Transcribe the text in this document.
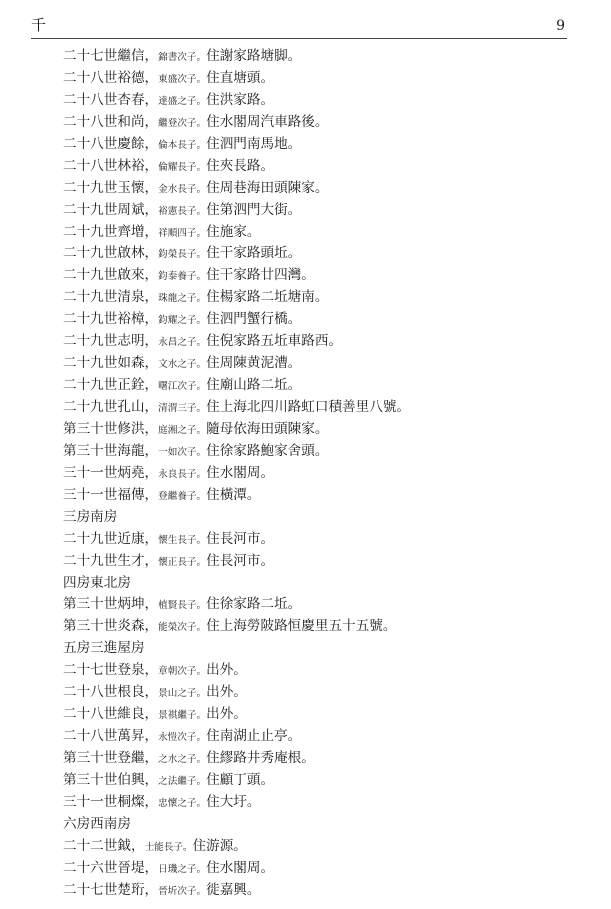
千	9
二十七世繼信，錦書次子。住謝家路塘脚。
二十八世裕德，東盛次子。住直塘頭。
二十八世杏春，達盛之子。住洪家路。
二十八世和尚，繼登次子。住水閣周汽車路後。
二十八世慶餘，倫本長子。住泗門南馬地。
二十八世林裕，倫耀長子。住夾長路。
二十九世玉懷，金水長子。住周巷海田頭陳家。
二十九世周斌，裕憲長子。住第泗門大街。
二十九世齊增，祥順四子。住施家。
二十九世啟林，鈞榮長子。住干家路頭坵。
二十九世啟來，鈞泰養子。住干家路廿四灣。
二十九世清泉，珠龍之子。住楊家路二坵塘南。
二十九世裕樟，鈞耀之子。住泗門蟹行橋。
二十九世志明，永昌之子。住倪家路五坵車路西。
二十九世如森，文水之子。住周陳黄泥漕。
二十九世正銓，曙江次子。住廟山路二坵。
二十九世孔山，清渭三子。住上海北四川路虹口積善里八號。
第三十世修洪，庭湘之子。隨母依海田頭陳家。
第三十世海龍，一如次子。住徐家路鮑家舍頭。
三十一世炳堯，永良長子。住水閣周。
三十一世福傳，登繼養子。住橫潭。
三房南房
二十九世近康，懷生長子。住長河市。
二十九世生才，懷正長子。住長河市。
四房東北房
第三十世炳坤，植賢長子。住徐家路二坵。
第三十世炎森，能榮次子。住上海勞陂路恒慶里五十五號。
五房三進屋房
二十七世登泉，章朝次子。出外。
二十八世根良，景山之子。出外。
二十八世維良，景祺繼子。出外。
二十八世萬昇，永愷次子。住南湖止止亭。
第三十世登繼，之水之子。住繆路井秀庵根。
第三十世伯興，之法繼子。住顧丁頭。
三十一世桐燦，忠懷之子。住大圩。
六房西南房
二十二世鉞，士能長子。住游源。
二十六世晉堤，日璣之子。住水閣周。
二十七世楚珩，晉圻次子。徙嘉興。
